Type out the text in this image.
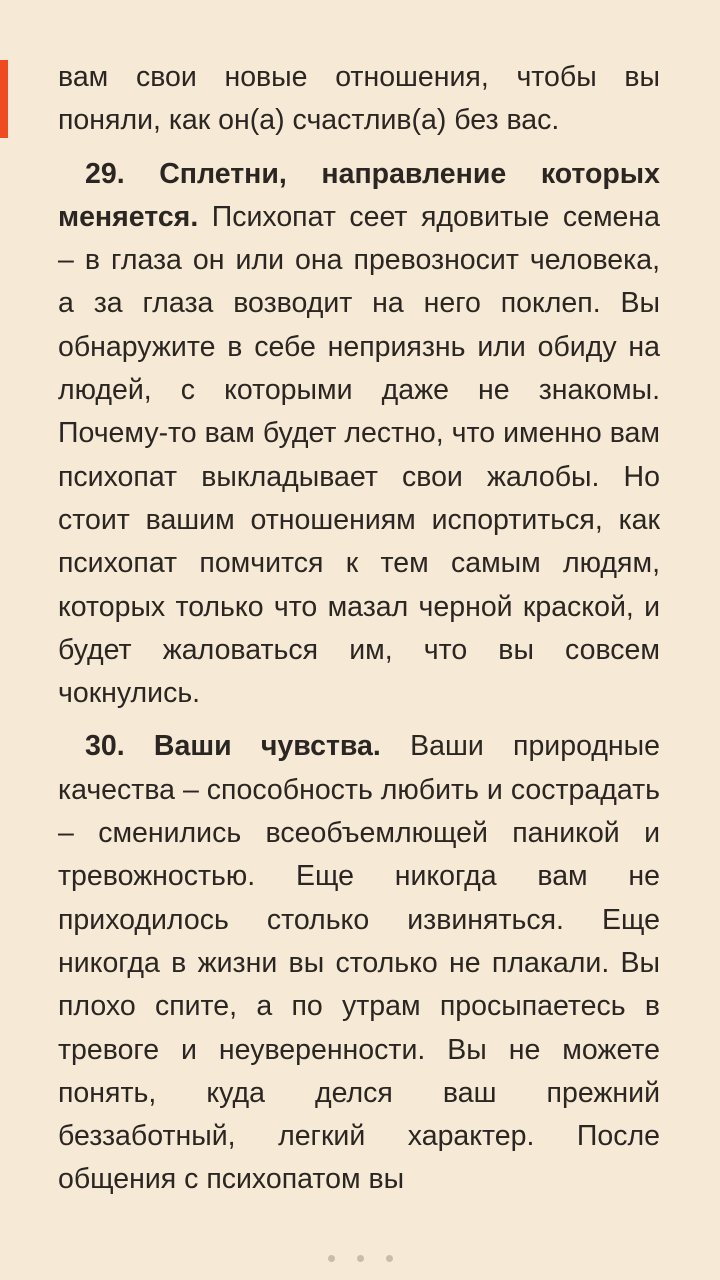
вам свои новые отношения, чтобы вы поняли, как он(а) счастлив(а) без вас.

29. Сплетни, направление которых меняется. Психопат сеет ядовитые семена – в глаза он или она превозносит человека, а за глаза возводит на него поклеп. Вы обнаружите в себе неприязнь или обиду на людей, с которыми даже не знакомы. Почему-то вам будет лестно, что именно вам психопат выкладывает свои жалобы. Но стоит вашим отношениям испортиться, как психопат помчится к тем самым людям, которых только что мазал черной краской, и будет жаловаться им, что вы совсем чокнулись.

30. Ваши чувства. Ваши природные качества – способность любить и сострадать – сменились всеобъемлющей паникой и тревожностью. Еще никогда вам не приходилось столько извиняться. Еще никогда в жизни вы столько не плакали. Вы плохо спите, а по утрам просыпаетесь в тревоге и неуверенности. Вы не можете понять, куда делся ваш прежний беззаботный, легкий характер. После общения с психопатом вы
